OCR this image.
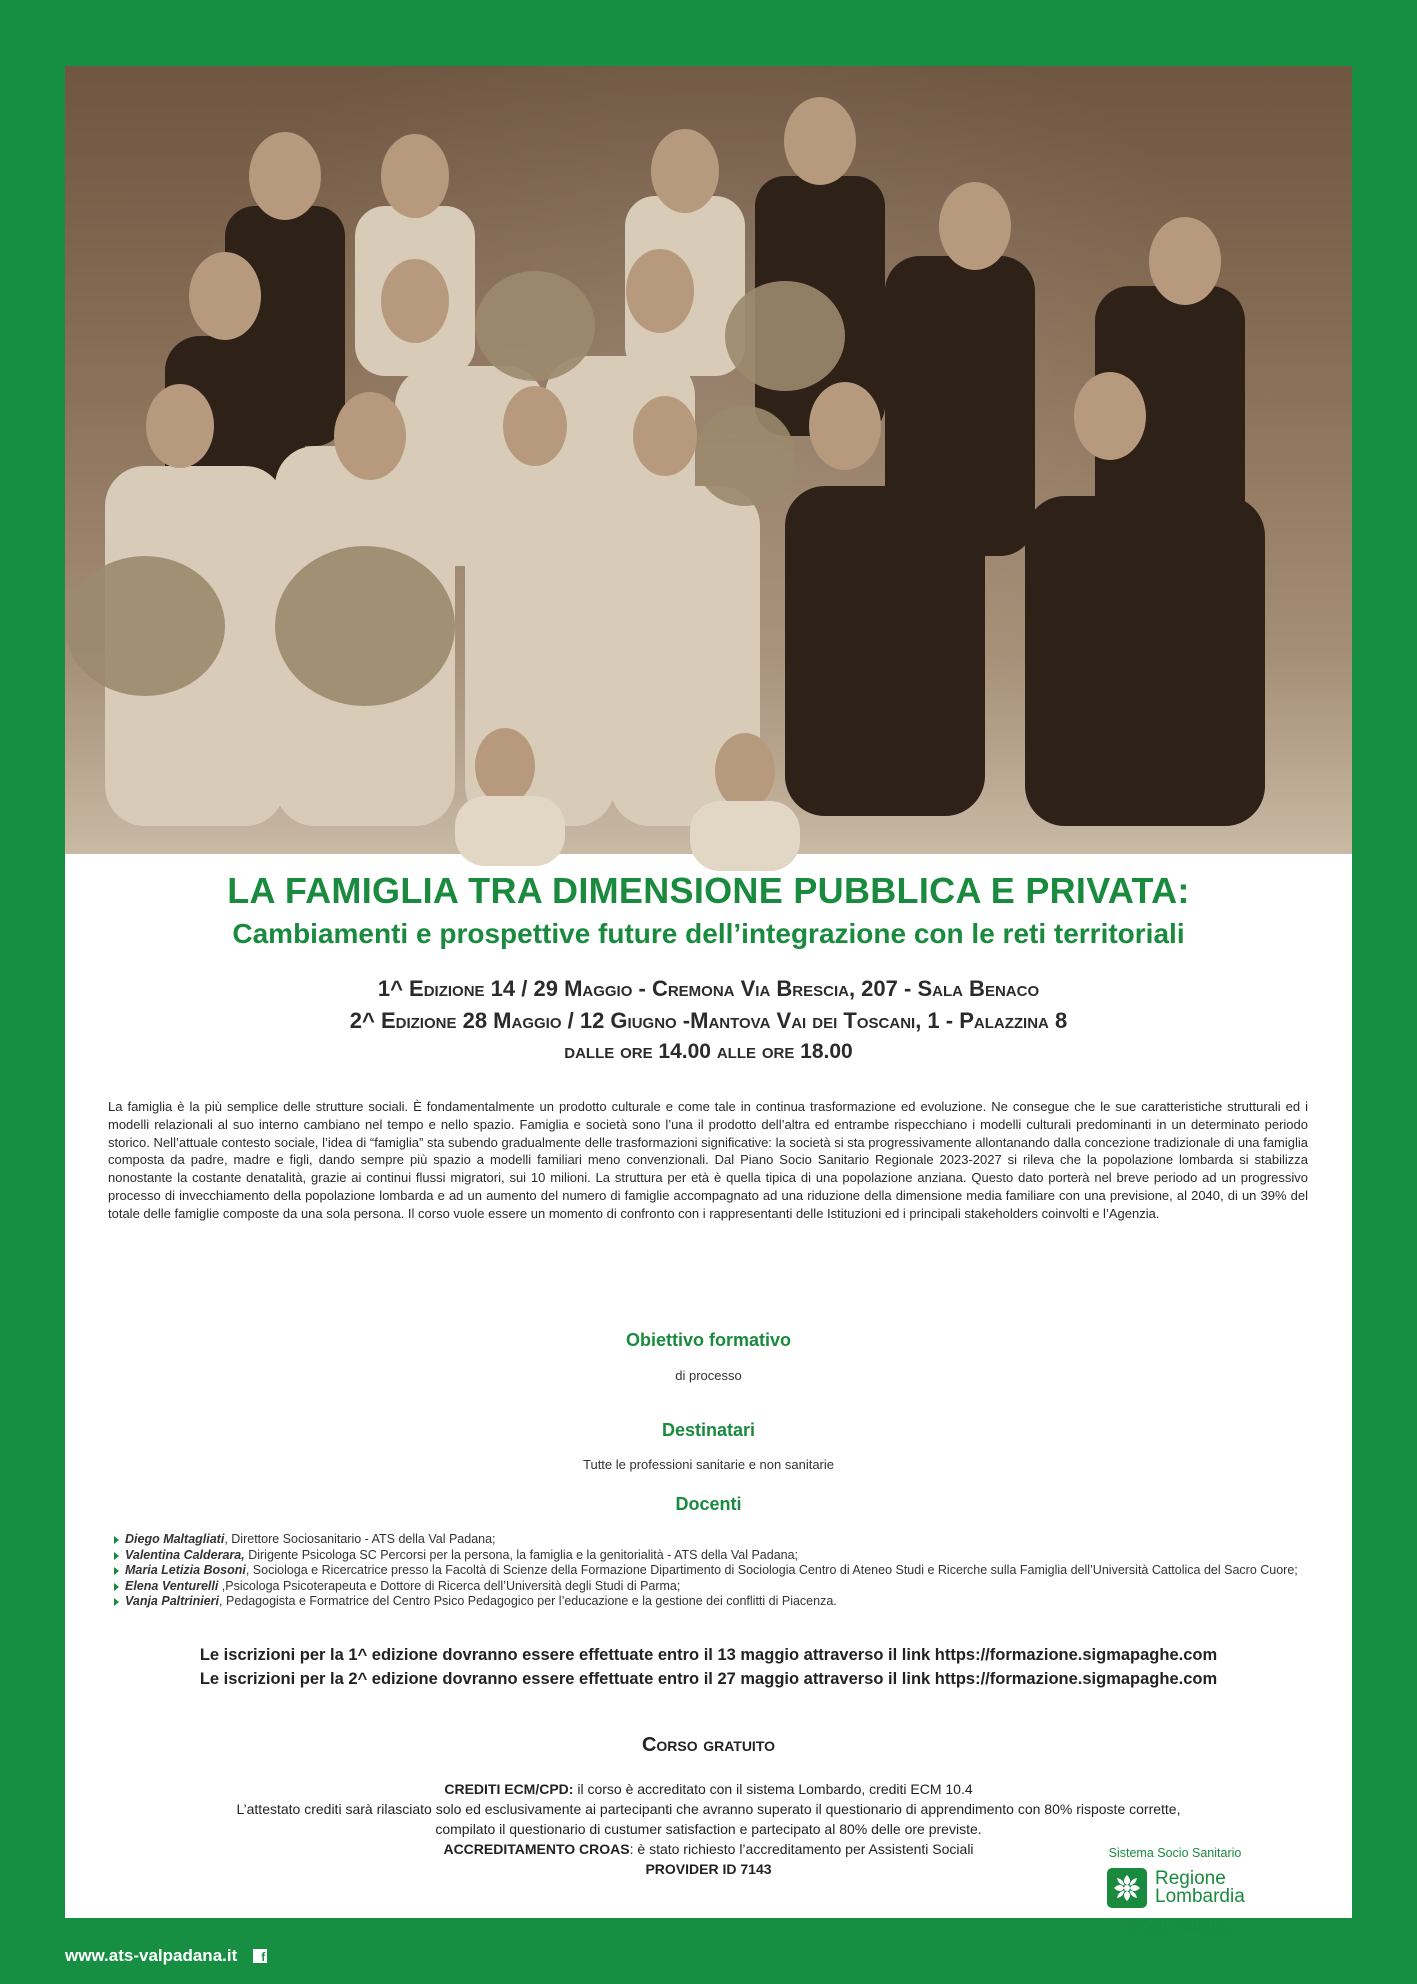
LA FAMIGLIA TRA DIMENSIONE PUBBLICA E PRIVATA:
Cambiamenti e prospettive future dell’integrazione con le reti territoriali
1^ Edizione 14 / 29 Maggio - Cremona Via Brescia, 207 - Sala Benaco
2^ Edizione 28 Maggio / 12 Giugno -Mantova Vai dei Toscani, 1 - Palazzina 8
dalle ore 14.00 alle ore 18.00

La famiglia è la più semplice delle strutture sociali. È fondamentalmente un prodotto culturale e come tale in continua trasformazione ed evoluzione. Ne consegue che le sue caratteristiche strutturali ed i modelli relazionali al suo interno cambiano nel tempo e nello spazio. Famiglia e società sono l’una il prodotto dell’altra ed entrambe rispecchiano i modelli culturali predominanti in un determinato periodo storico. Nell’attuale contesto sociale, l’idea di “famiglia” sta subendo gradualmente delle trasformazioni significative: la società si sta progressivamente allontanando dalla concezione tradizionale di una famiglia composta da padre, madre e figli, dando sempre più spazio a modelli familiari meno convenzionali. Dal Piano Socio Sanitario Regionale 2023-2027 si rileva che la popolazione lombarda si stabilizza nonostante la costante denatalità, grazie ai continui flussi migratori, sui 10 milioni. La struttura per età è quella tipica di una popolazione anziana. Questo dato porterà nel breve periodo ad un progressivo processo di invecchiamento della popolazione lombarda e ad un aumento del numero di famiglie accompagnato ad una riduzione della dimensione media familiare con una previsione, al 2040, di un 39% del totale delle famiglie composte da una sola persona. Il corso vuole essere un momento di confronto con i rappresentanti delle Istituzioni ed i principali stakeholders coinvolti e l’Agenzia.

Obiettivo formativo
di processo
Destinatari
Tutte le professioni sanitarie e non sanitarie
Docenti
Diego Maltagliati, Direttore Sociosanitario - ATS della Val Padana;
Valentina Calderara, Dirigente Psicologa SC Percorsi per la persona, la famiglia e la genitorialità - ATS della Val Padana;
Maria Letizia Bosoni, Sociologa e Ricercatrice presso la Facoltà di Scienze della Formazione Dipartimento di Sociologia Centro di Ateneo Studi e Ricerche sulla Famiglia dell’Università Cattolica del Sacro Cuore;
Elena Venturelli ,Psicologa Psicoterapeuta e Dottore di Ricerca dell’Università degli Studi di Parma;
Vanja Paltrinieri, Pedagogista e Formatrice del Centro Psico Pedagogico per l’educazione e la gestione dei conflitti di Piacenza.
Le iscrizioni per la 1^ edizione dovranno essere effettuate entro il 13 maggio attraverso il link https://formazione.sigmapaghe.com
Le iscrizioni per la 2^ edizione dovranno essere effettuate entro il 27 maggio attraverso il link https://formazione.sigmapaghe.com
Corso gratuito
CREDITI ECM/CPD: il corso è accreditato con il sistema Lombardo, crediti ECM 10.4
L’attestato crediti sarà rilasciato solo ed esclusivamente ai partecipanti che avranno superato il questionario di apprendimento con 80% risposte corrette,
compilato il questionario di custumer satisfaction e partecipato al 80% delle ore previste.
ACCREDITAMENTO CROAS: è stato richiesto l’accreditamento per Assistenti Sociali
PROVIDER ID 7143
Sistema Socio Sanitario
Regione
Lombardia
ATS Val Padana
www.ats-valpadana.it	f
